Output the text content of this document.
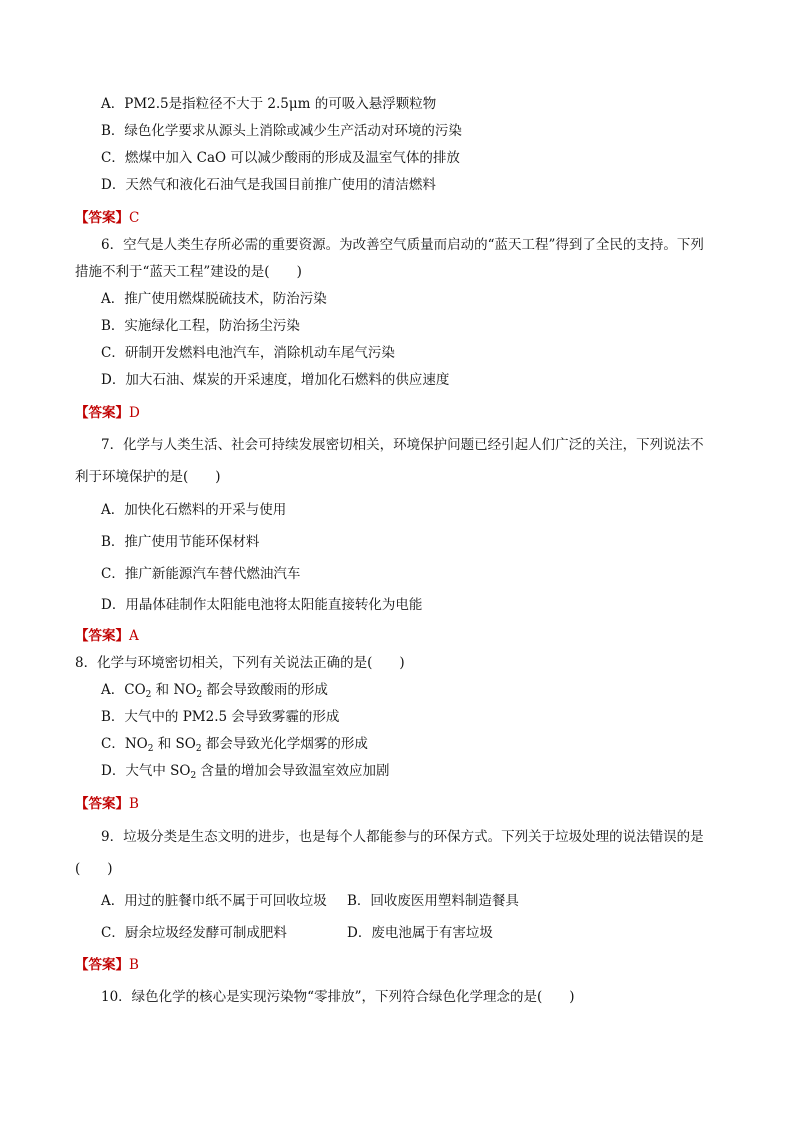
A．PM2.5是指粒径不大于 2.5μm 的可吸入悬浮颗粒物
B．绿色化学要求从源头上消除或减少生产活动对环境的污染
C．燃煤中加入 CaO 可以减少酸雨的形成及温室气体的排放
D．天然气和液化石油气是我国目前推广使用的清洁燃料
【答案】C
6．空气是人类生存所必需的重要资源。为改善空气质量而启动的“蓝天工程”得到了全民的支持。下列
措施不利于“蓝天工程”建设的是(　　)
A．推广使用燃煤脱硫技术，防治污染
B．实施绿化工程，防治扬尘污染
C．研制开发燃料电池汽车，消除机动车尾气污染
D．加大石油、煤炭的开采速度，增加化石燃料的供应速度
【答案】D
7．化学与人类生活、社会可持续发展密切相关，环境保护问题已经引起人们广泛的关注，下列说法不
利于环境保护的是(　　)
A．加快化石燃料的开采与使用
B．推广使用节能环保材料
C．推广新能源汽车替代燃油汽车
D．用晶体硅制作太阳能电池将太阳能直接转化为电能
【答案】A
8．化学与环境密切相关，下列有关说法正确的是(　　)
A．$CO_2$ 和 $NO_2$ 都会导致酸雨的形成
B．大气中的 PM2.5 会导致雾霾的形成
C．$NO_2$ 和 $SO_2$ 都会导致光化学烟雾的形成
D．大气中 $SO_2$ 含量的增加会导致温室效应加剧
【答案】B
9．垃圾分类是生态文明的进步，也是每个人都能参与的环保方式。下列关于垃圾处理的说法错误的是
(　　)
A．用过的脏餐巾纸不属于可回收垃圾 B．回收废医用塑料制造餐具
C．厨余垃圾经发酵可制成肥料	D．废电池属于有害垃圾
【答案】B
10．绿色化学的核心是实现污染物“零排放”，下列符合绿色化学理念的是(　　)
